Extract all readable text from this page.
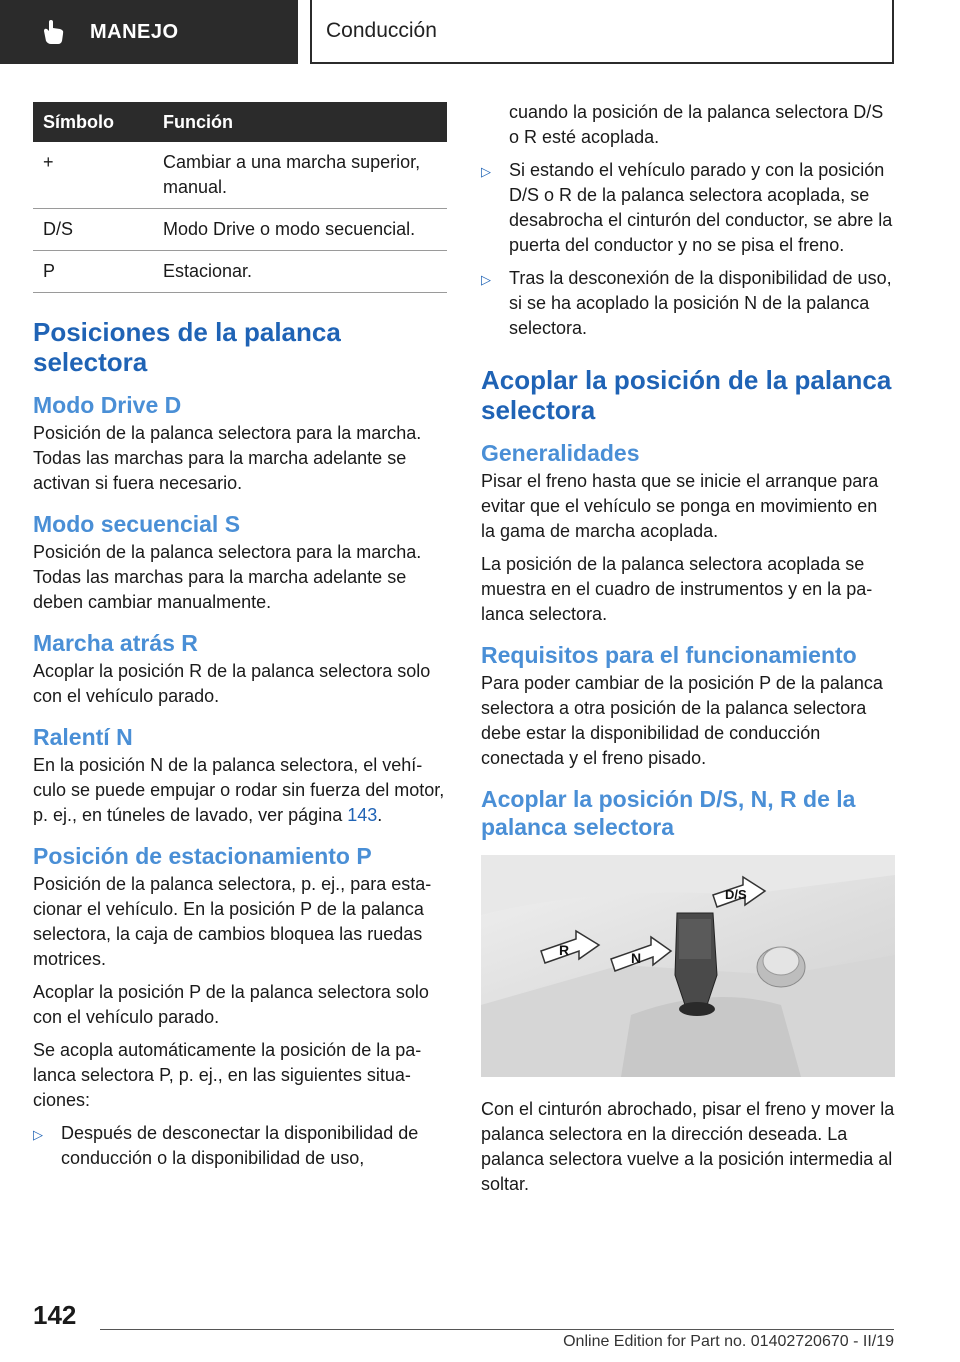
MANEJO	Conducción
Símbolo	Función
+	Cambiar a una marcha superior, manual.
D/S	Modo Drive o modo secuencial.
P	Estacionar.
Posiciones de la palanca selectora
Modo Drive D

Posición de la palanca selectora para la marcha. Todas las marchas para la marcha adelante se activan si fuera necesario.

Modo secuencial S

Posición de la palanca selectora para la marcha. Todas las marchas para la marcha adelante se deben cambiar manualmente.

Marcha atrás R

Acoplar la posición R de la palanca selectora solo con el vehículo parado.

Ralentí N

En la posición N de la palanca selectora, el vehículo se puede empujar o rodar sin fuerza del motor, p. ej., en túneles de lavado, ver página 143.

Posición de estacionamiento P

Posición de la palanca selectora, p. ej., para estacionar el vehículo. En la posición P de la palanca selectora, la caja de cambios bloquea las ruedas motrices.

Acoplar la posición P de la palanca selectora solo con el vehículo parado.

Se acopla automáticamente la posición de la palanca selectora P, p. ej., en las siguientes situaciones:

▷	Después de desconectar la disponibilidad de conducción o la disponibilidad de uso,
cuando la posición de la palanca selectora D/S o R esté acoplada.
▷	Si estando el vehículo parado y con la posición D/S o R de la palanca selectora acoplada, se desabrocha el cinturón del conductor, se abre la puerta del conductor y no se pisa el freno.
▷	Tras la desconexión de la disponibilidad de uso, si se ha acoplado la posición N de la palanca selectora.
Acoplar la posición de la palanca selectora
Generalidades

Pisar el freno hasta que se inicie el arranque para evitar que el vehículo se ponga en movimiento en la gama de marcha acoplada.

La posición de la palanca selectora acoplada se muestra en el cuadro de instrumentos y en la palanca selectora.

Requisitos para el funcionamiento

Para poder cambiar de la posición P de la palanca selectora a otra posición de la palanca selectora debe estar la disponibilidad de conducción conectada y el freno pisado.

Acoplar la posición D/S, N, R de la palanca selectora
R	N
D/S

Con el cinturón abrochado, pisar el freno y mover la palanca selectora en la dirección deseada. La palanca selectora vuelve a la posición intermedia al soltar.

142
Online Edition for Part no. 01402720670 - II/19
